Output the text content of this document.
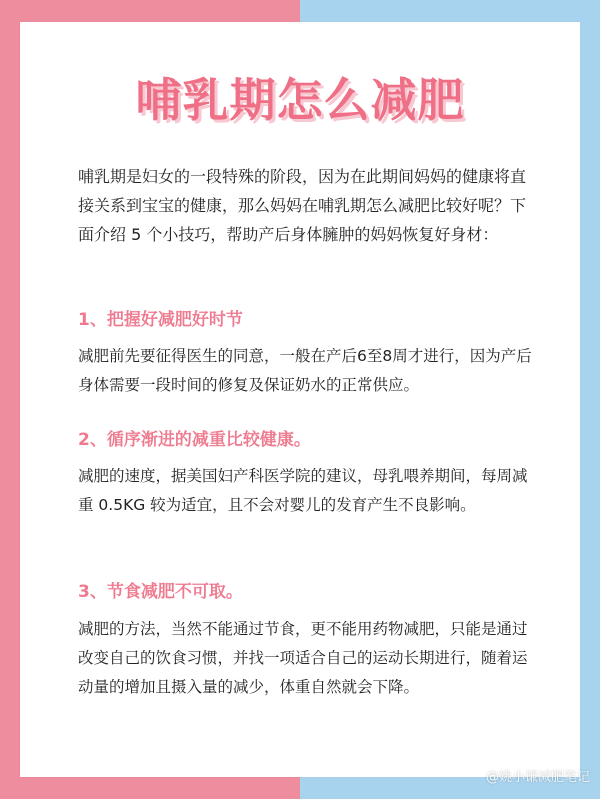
哺乳期怎么减肥
哺乳期是妇女的一段特殊的阶段，因为在此期间妈妈的健康将直接关系到宝宝的健康，那么妈妈在哺乳期怎么减肥比较好呢？下面介绍 5 个小技巧，帮助产后身体臃肿的妈妈恢复好身材：
1、把握好减肥好时节
减肥前先要征得医生的同意，一般在产后6至8周才进行，因为产后身体需要一段时间的修复及保证奶水的正常供应。
2、循序渐进的减重比较健康。
减肥的速度，据美国妇产科医学院的建议，母乳喂养期间，每周减重 0.5KG 较为适宜，且不会对婴儿的发育产生不良影响。
3、节食减肥不可取。
减肥的方法，当然不能通过节食，更不能用药物减肥，只能是通过改变自己的饮食习惯，并找一项适合自己的运动长期进行，随着运动量的增加且摄入量的减少，体重自然就会下降。
@姚小谦减肥笔记
